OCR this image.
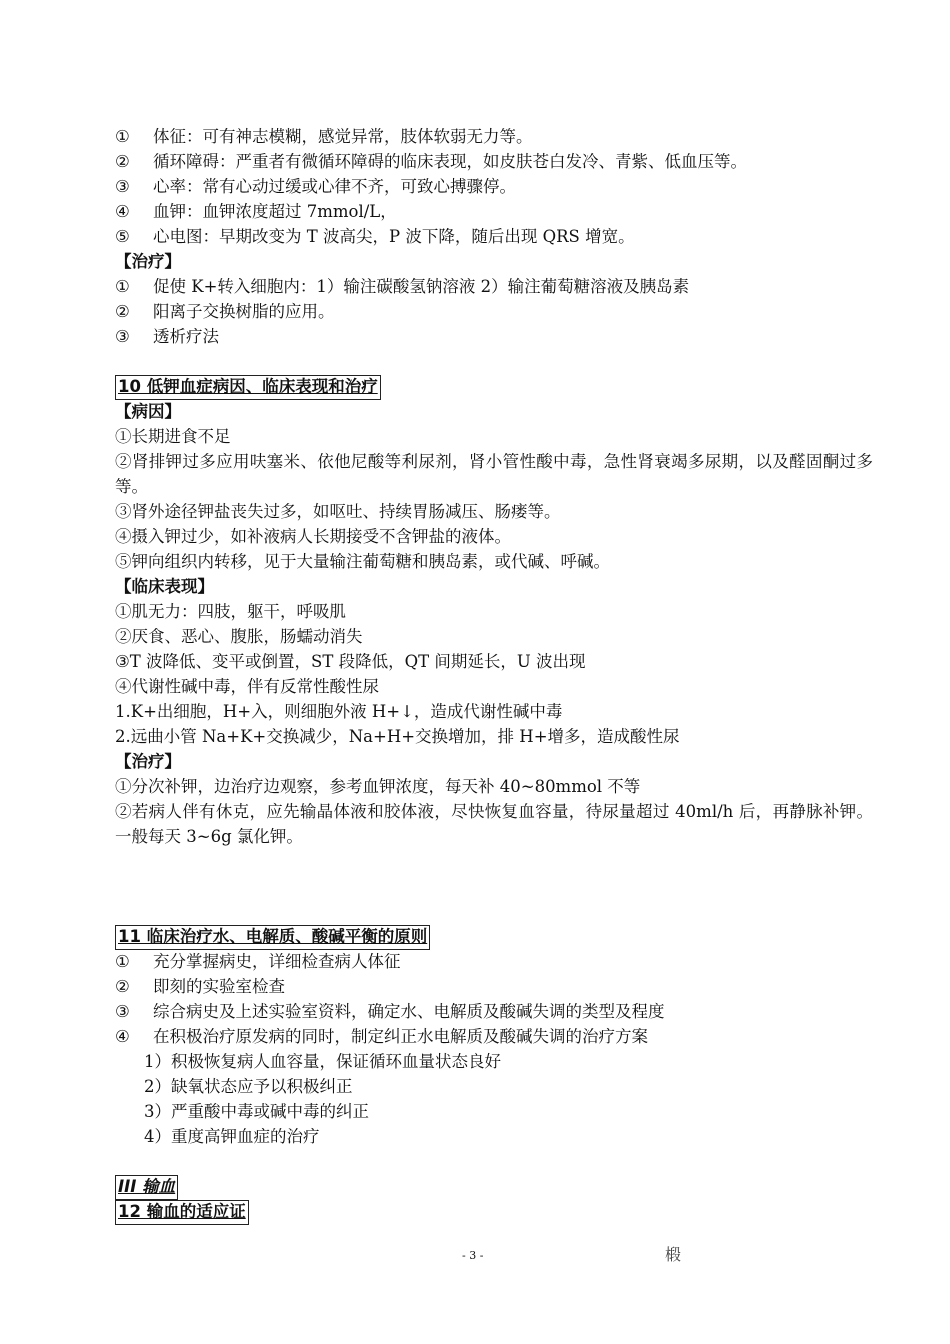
①	体征：可有神志模糊，感觉异常，肢体软弱无力等。
②	循环障碍：严重者有微循环障碍的临床表现，如皮肤苍白发冷、青紫、低血压等。
③	心率：常有心动过缓或心律不齐，可致心搏骤停。
④	血钾：血钾浓度超过 7mmol/L，
⑤	心电图：早期改变为 T 波高尖，P 波下降，随后出现 QRS 增宽。
【治疗】
①	促使 K+转入细胞内：1）输注碳酸氢钠溶液 2）输注葡萄糖溶液及胰岛素
②	阳离子交换树脂的应用。
③	透析疗法
10 低钾血症病因、临床表现和治疗
【病因】
①长期进食不足
②肾排钾过多应用呋塞米、依他尼酸等利尿剂，肾小管性酸中毒，急性肾衰竭多尿期，以及醛固酮过多等。
③肾外途径钾盐丧失过多，如呕吐、持续胃肠减压、肠瘘等。
④摄入钾过少，如补液病人长期接受不含钾盐的液体。
⑤钾向组织内转移，见于大量输注葡萄糖和胰岛素，或代碱、呼碱。
【临床表现】
①肌无力：四肢，躯干，呼吸肌
②厌食、恶心、腹胀，肠蠕动消失
③T 波降低、变平或倒置，ST 段降低，QT 间期延长，U 波出现
④代谢性碱中毒，伴有反常性酸性尿
1.K+出细胞，H+入，则细胞外液 H+↓，造成代谢性碱中毒
2.远曲小管 Na+K+交换减少，Na+H+交换增加，排 H+增多，造成酸性尿
【治疗】
①分次补钾，边治疗边观察，参考血钾浓度，每天补 40~80mmol 不等
②若病人伴有休克，应先输晶体液和胶体液，尽快恢复血容量，待尿量超过 40ml/h 后，再静脉补钾。一般每天 3~6g 氯化钾。
11 临床治疗水、电解质、酸碱平衡的原则
①	充分掌握病史，详细检查病人体征
②	即刻的实验室检查
③	综合病史及上述实验室资料，确定水、电解质及酸碱失调的类型及程度
④	在积极治疗原发病的同时，制定纠正水电解质及酸碱失调的治疗方案
1）积极恢复病人血容量，保证循环血量状态良好
2）缺氧状态应予以积极纠正
3）严重酸中毒或碱中毒的纠正
4）重度高钾血症的治疗
III 输血
12 输血的适应证
- 3 -	椴
